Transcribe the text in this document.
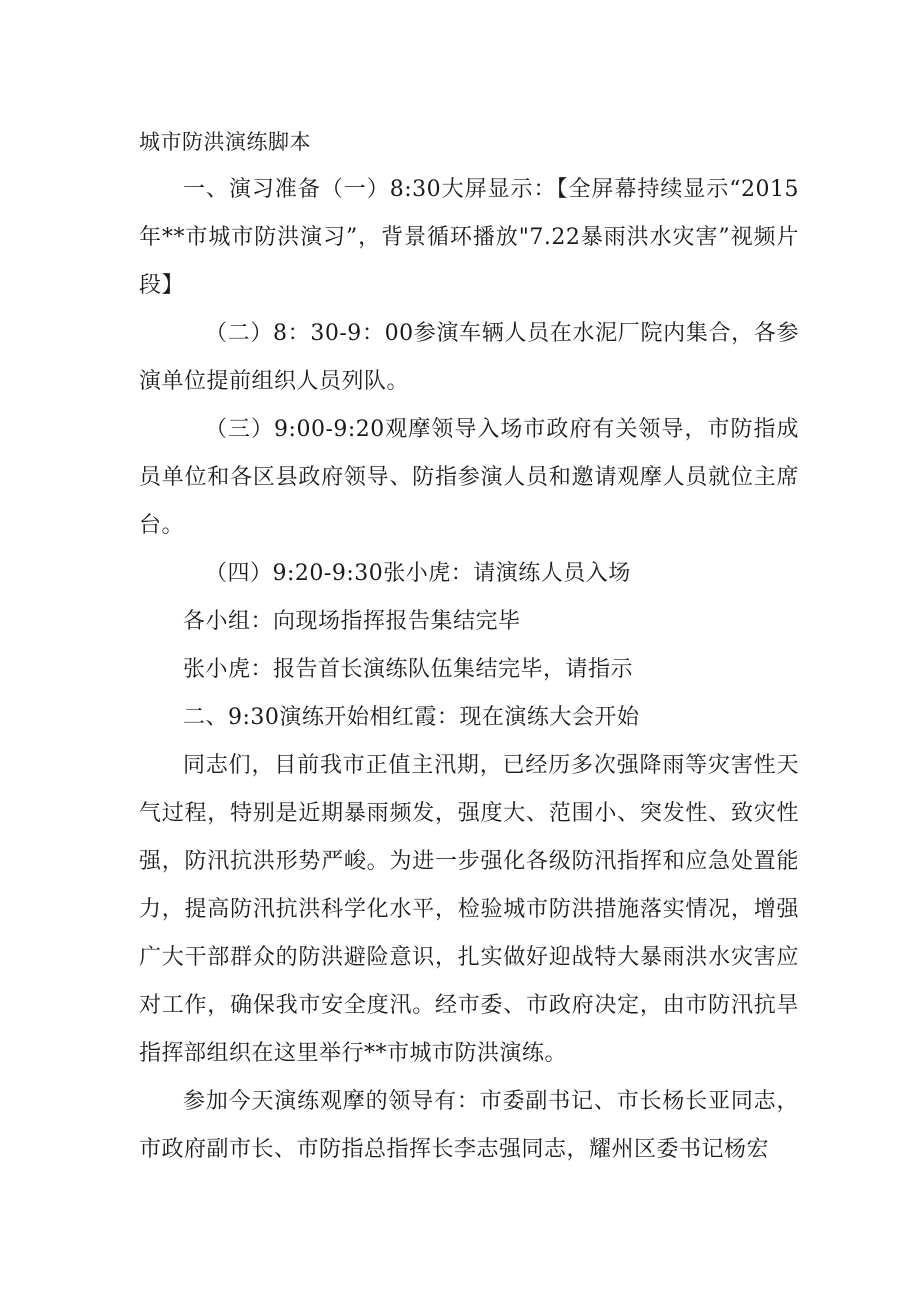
城市防洪演练脚本

一、演习准备（一）8:30大屏显示：【全屏幕持续显示“2015年**市城市防洪演习”，背景循环播放"7.22暴雨洪水灾害”视频片段】

（二）8：30-9：00参演车辆人员在水泥厂院内集合，各参演单位提前组织人员列队。

（三）9:00-9:20观摩领导入场市政府有关领导，市防指成员单位和各区县政府领导、防指参演人员和邀请观摩人员就位主席台。

（四）9:20-9:30张小虎：请演练人员入场

各小组：向现场指挥报告集结完毕

张小虎：报告首长演练队伍集结完毕，请指示

二、9:30演练开始相红霞：现在演练大会开始

同志们，目前我市正值主汛期，已经历多次强降雨等灾害性天气过程，特别是近期暴雨频发，强度大、范围小、突发性、致灾性强，防汛抗洪形势严峻。为进一步强化各级防汛指挥和应急处置能力，提高防汛抗洪科学化水平，检验城市防洪措施落实情况，增强广大干部群众的防洪避险意识，扎实做好迎战特大暴雨洪水灾害应对工作，确保我市安全度汛。经市委、市政府决定，由市防汛抗旱指挥部组织在这里举行**市城市防洪演练。

参加今天演练观摩的领导有：市委副书记、市长杨长亚同志，市政府副市长、市防指总指挥长李志强同志，耀州区委书记杨宏
